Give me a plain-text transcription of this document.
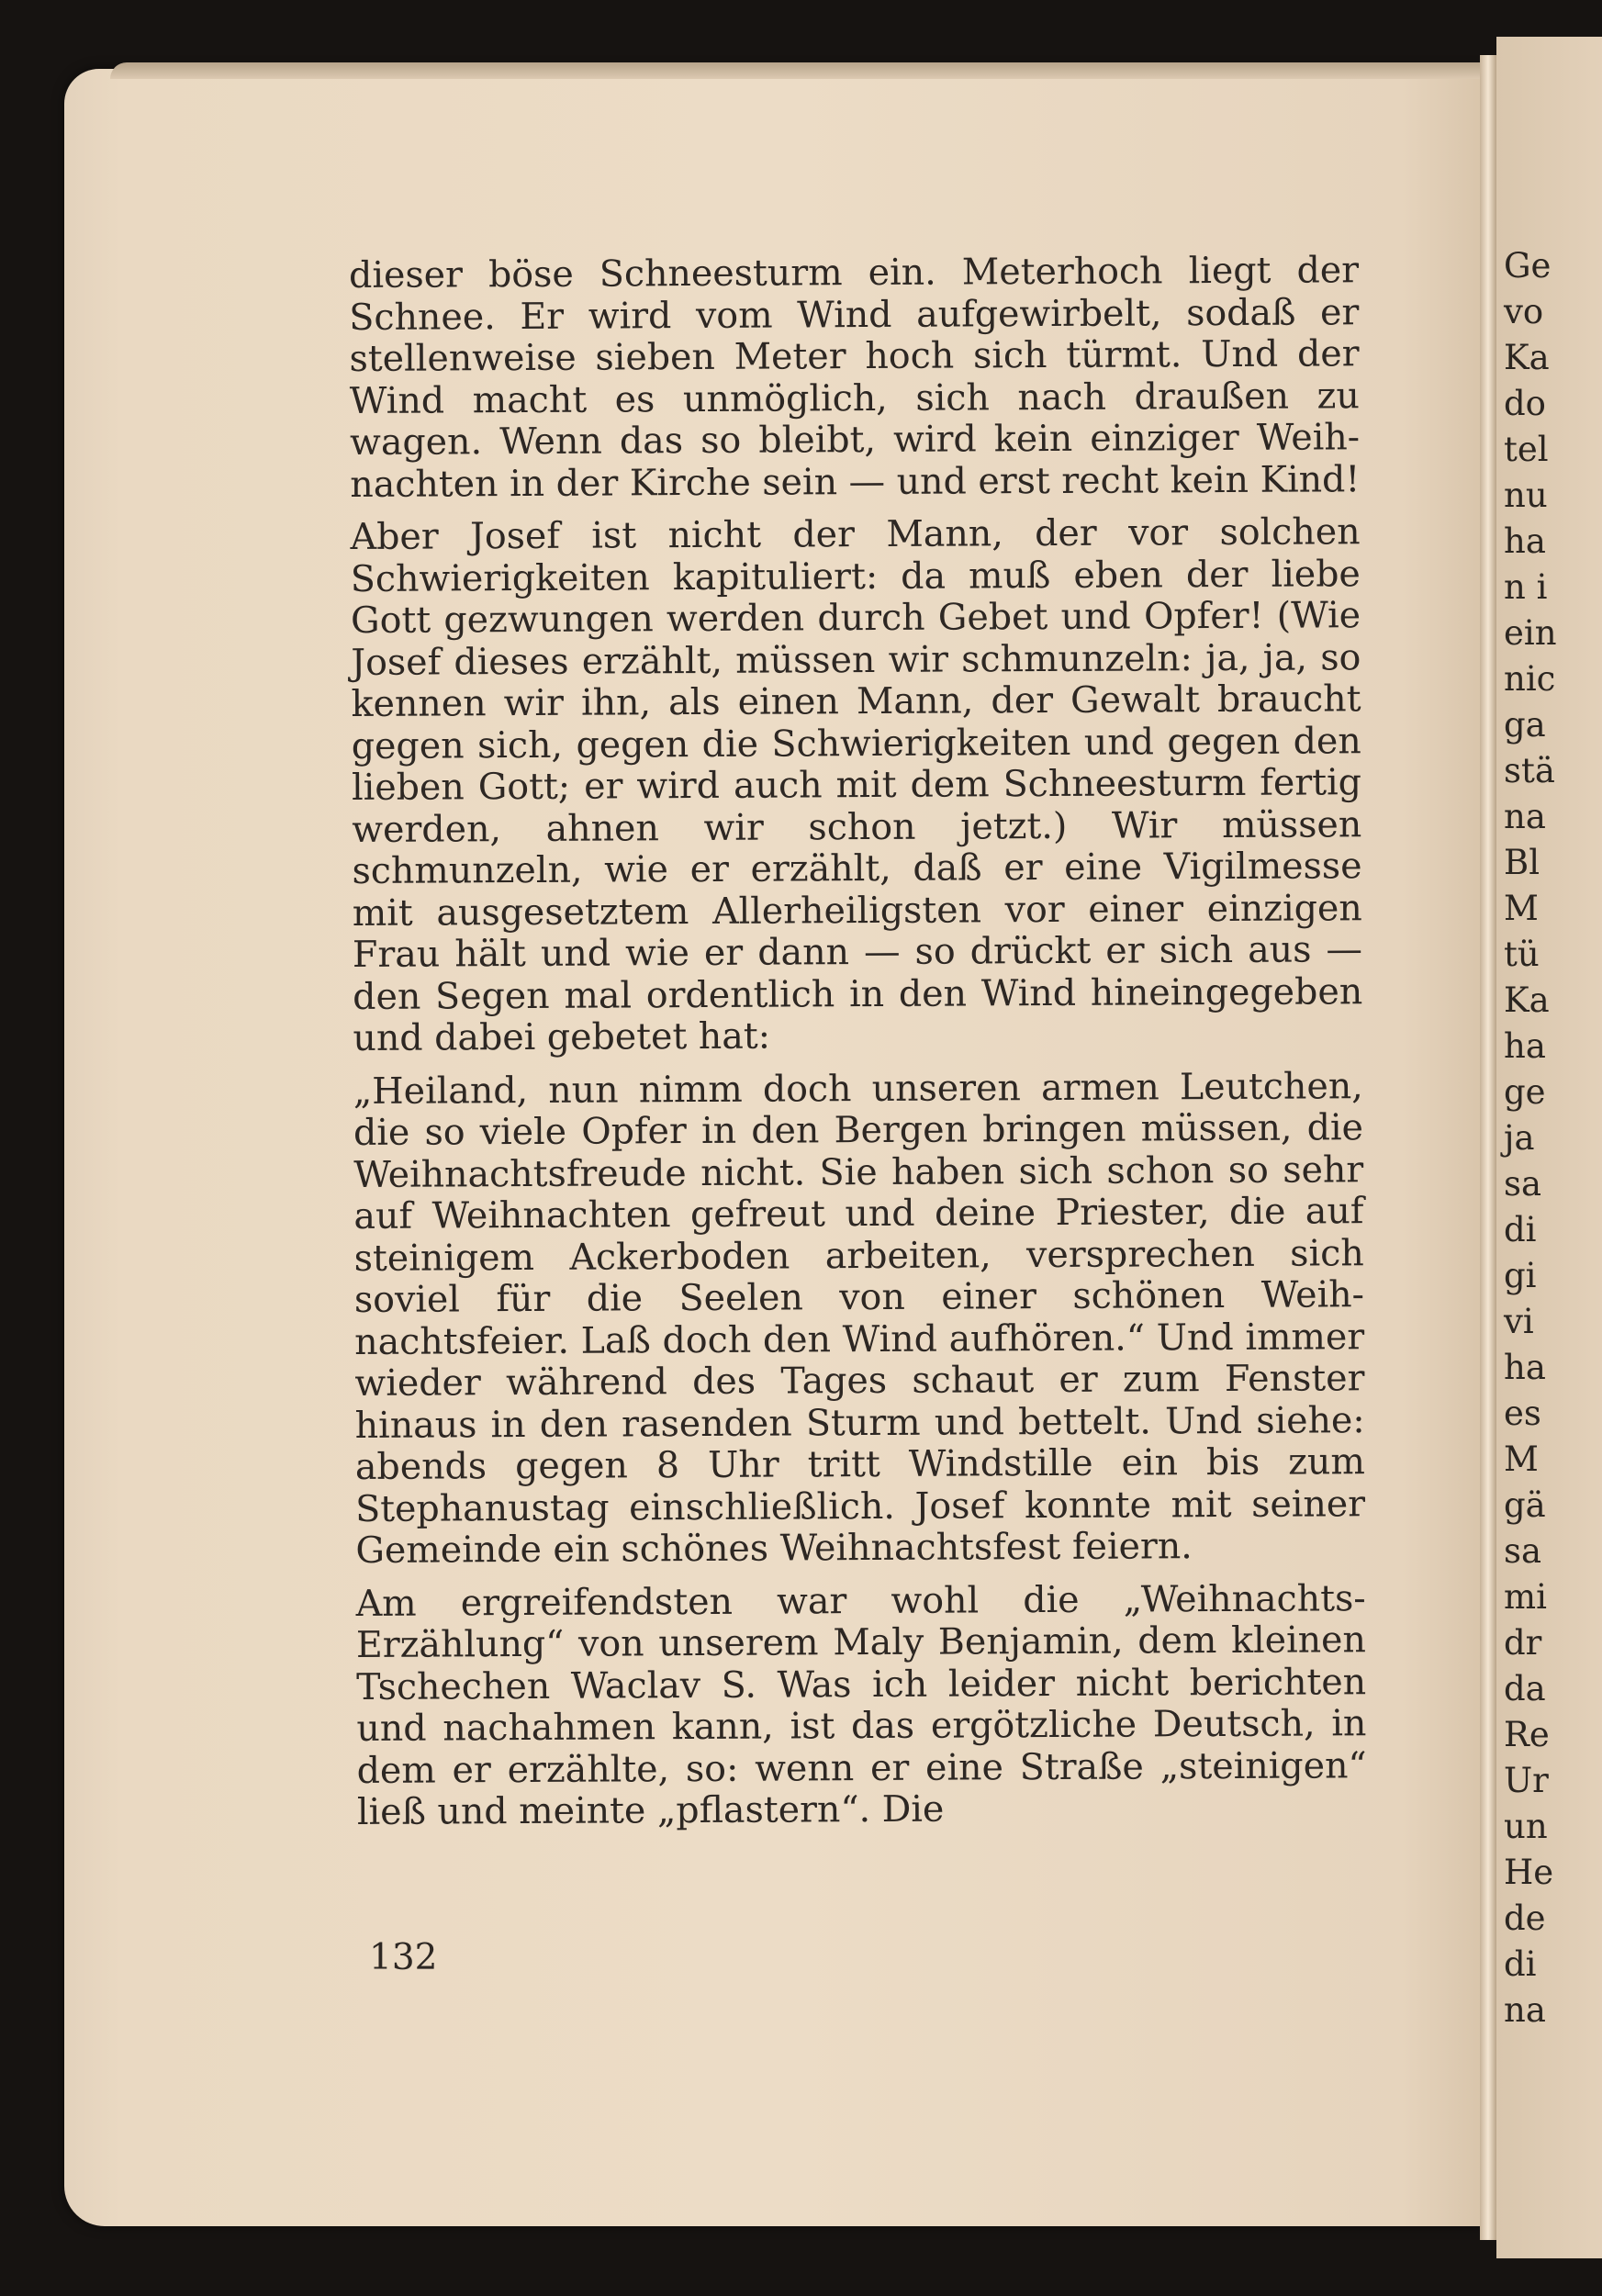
Ge
vo
Ka
do
tel
nu
ha
n i
ein
nic
ga
stä
na
Bl
M
tü
Ka
ha
ge
ja
sa
di
gi
vi
ha
es
M
gä
sa
mi
dr
da
Re
Ur
un
He
de
di
na

dieser böse Schneesturm ein. Meterhoch liegt der Schnee. Er wird vom Wind aufgewirbelt, sodaß er stellenweise sieben Meter hoch sich türmt. Und der Wind macht es unmöglich, sich nach draußen zu wagen. Wenn das so bleibt, wird kein einziger Weihnachten in der Kirche sein — und erst recht kein Kind!

Aber Josef ist nicht der Mann, der vor solchen Schwierigkeiten kapituliert: da muß eben der liebe Gott gezwungen werden durch Gebet und Opfer! (Wie Josef dieses erzählt, müssen wir schmunzeln: ja, ja, so kennen wir ihn, als einen Mann, der Gewalt braucht gegen sich, gegen die Schwierigkeiten und gegen den lieben Gott; er wird auch mit dem Schneesturm fertig werden, ahnen wir schon jetzt.) Wir müssen schmunzeln, wie er erzählt, daß er eine Vigilmesse mit ausgesetztem Allerheiligsten vor einer einzigen Frau hält und wie er dann — so drückt er sich aus — den Segen mal ordentlich in den Wind hineingegeben und dabei gebetet hat:

„Heiland, nun nimm doch unseren armen Leutchen, die so viele Opfer in den Bergen bringen müssen, die Weihnachtsfreude nicht. Sie haben sich schon so sehr auf Weihnachten gefreut und deine Priester, die auf steinigem Ackerboden arbeiten, versprechen sich soviel für die Seelen von einer schönen Weihnachtsfeier. Laß doch den Wind aufhören.“ Und immer wieder während des Tages schaut er zum Fenster hinaus in den rasenden Sturm und bettelt. Und siehe: abends gegen 8 Uhr tritt Windstille ein bis zum Stephanustag einschließlich. Josef konnte mit seiner Gemeinde ein schönes Weihnachtsfest feiern.

Am ergreifendsten war wohl die „Weihnachts-Erzählung“ von unserem Maly Benjamin, dem kleinen Tschechen Waclav S. Was ich leider nicht berichten und nachahmen kann, ist das ergötzliche Deutsch, in dem er erzählte, so: wenn er eine Straße „steinigen“ ließ und meinte „pflastern“. Die

132
